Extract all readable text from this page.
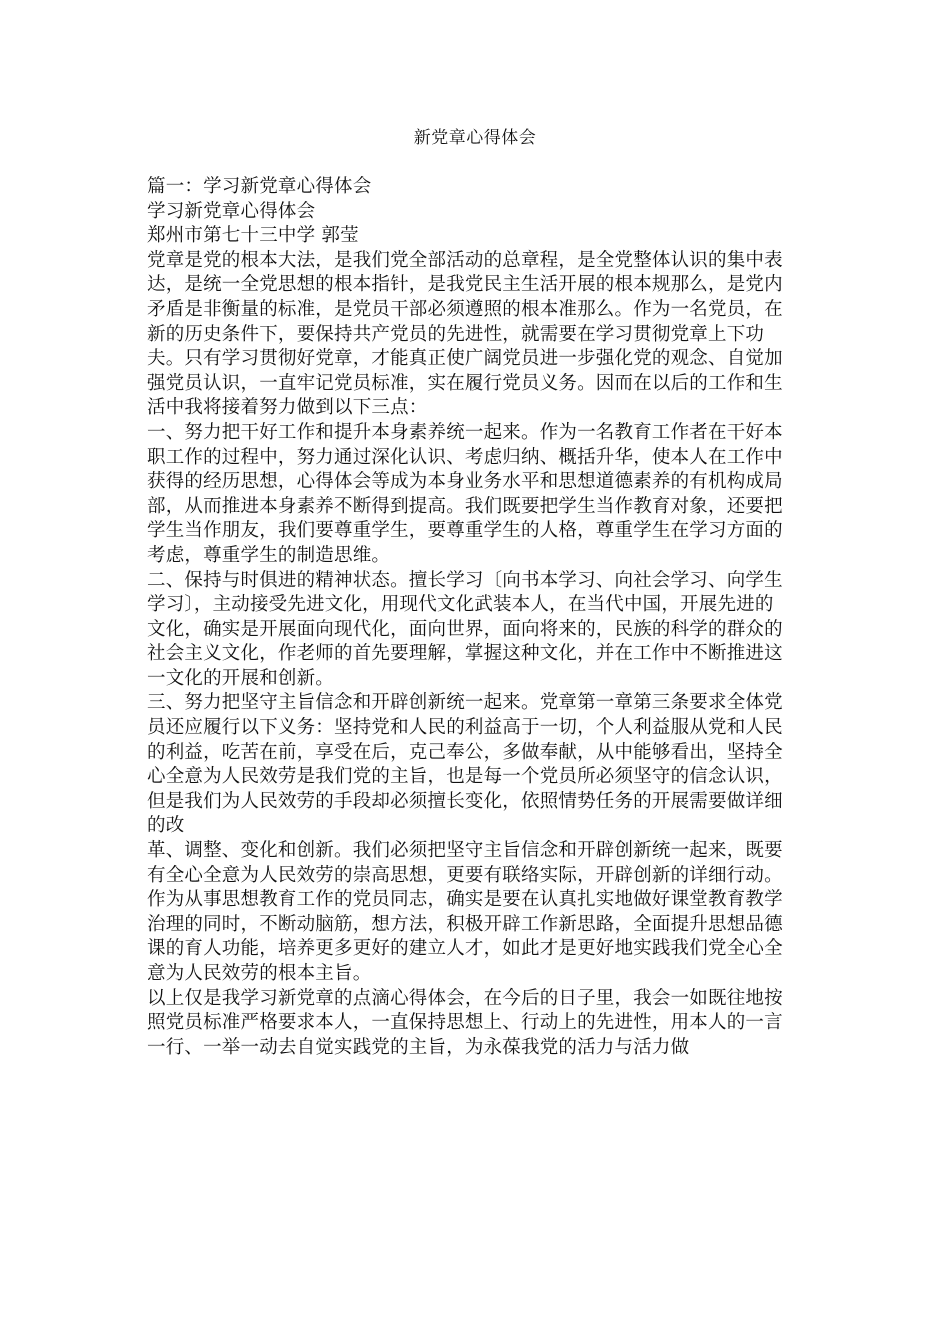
新党章心得体会
篇一：学习新党章心得体会
学习新党章心得体会
郑州市第七十三中学 郭莹
党章是党的根本大法，是我们党全部活动的总章程，是全党整体认识的集中表
达，是统一全党思想的根本指针，是我党民主生活开展的根本规那么，是党内
矛盾是非衡量的标准，是党员干部必须遵照的根本准那么。作为一名党员，在
新的历史条件下，要保持共产党员的先进性，就需要在学习贯彻党章上下功
夫。只有学习贯彻好党章，才能真正使广阔党员进一步强化党的观念、自觉加
强党员认识，一直牢记党员标准，实在履行党员义务。因而在以后的工作和生
活中我将接着努力做到以下三点：
一、努力把干好工作和提升本身素养统一起来。作为一名教育工作者在干好本
职工作的过程中，努力通过深化认识、考虑归纳、概括升华，使本人在工作中
获得的经历思想，心得体会等成为本身业务水平和思想道德素养的有机构成局
部，从而推进本身素养不断得到提高。我们既要把学生当作教育对象，还要把
学生当作朋友，我们要尊重学生，要尊重学生的人格，尊重学生在学习方面的
考虑，尊重学生的制造思维。
二、保持与时俱进的精神状态。擅长学习〔向书本学习、向社会学习、向学生
学习〕，主动接受先进文化，用现代文化武装本人，在当代中国，开展先进的
文化，确实是开展面向现代化，面向世界，面向将来的，民族的科学的群众的
社会主义文化，作老师的首先要理解，掌握这种文化，并在工作中不断推进这
一文化的开展和创新。
三、努力把坚守主旨信念和开辟创新统一起来。党章第一章第三条要求全体党
员还应履行以下义务：坚持党和人民的利益高于一切，个人利益服从党和人民
的利益，吃苦在前，享受在后，克己奉公，多做奉献，从中能够看出，坚持全
心全意为人民效劳是我们党的主旨，也是每一个党员所必须坚守的信念认识，
但是我们为人民效劳的手段却必须擅长变化，依照情势任务的开展需要做详细
的改
革、调整、变化和创新。我们必须把坚守主旨信念和开辟创新统一起来，既要
有全心全意为人民效劳的崇高思想，更要有联络实际，开辟创新的详细行动。
作为从事思想教育工作的党员同志，确实是要在认真扎实地做好课堂教育教学
治理的同时，不断动脑筋，想方法，积极开辟工作新思路，全面提升思想品德
课的育人功能，培养更多更好的建立人才，如此才是更好地实践我们党全心全
意为人民效劳的根本主旨。
以上仅是我学习新党章的点滴心得体会，在今后的日子里，我会一如既往地按
照党员标准严格要求本人，一直保持思想上、行动上的先进性，用本人的一言
一行、一举一动去自觉实践党的主旨，为永葆我党的活力与活力做
